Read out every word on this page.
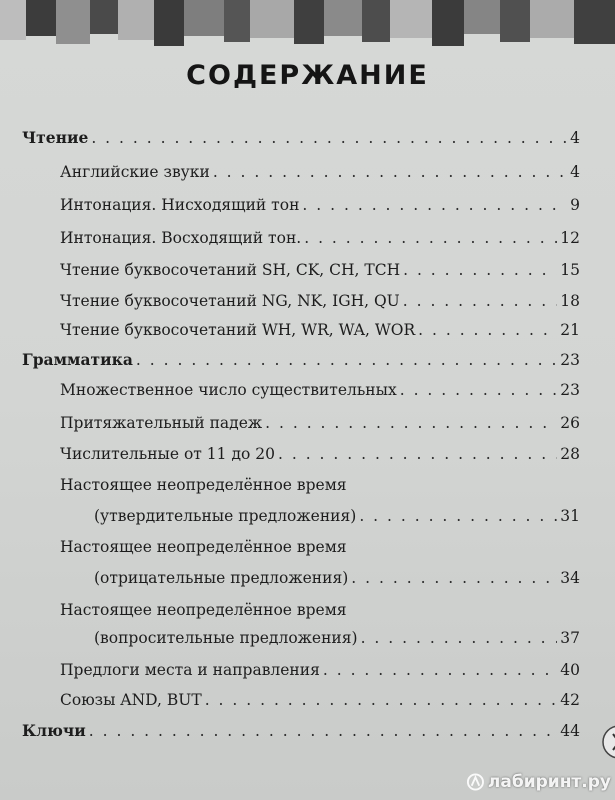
СОДЕРЖАНИЕ
Чтение . . .	4
Английские звуки . . .	4
Интонация. Нисходящий тон . . .	9
Интонация. Восходящий тон. . . .	12
Чтение буквосочетаний SH, CK, CH, TCH . . .	15
Чтение буквосочетаний NG, NK, IGH, QU . . .	18
Чтение буквосочетаний WH, WR, WA, WOR . . .	21
Грамматика . . .	23
Множественное число существительных . . .	23
Притяжательный падеж . . .	26
Числительные от 11 до 20 . . .	28
Настоящее неопределённое время
(утвердительные предложения) . . .	31
Настоящее неопределённое время
(отрицательные предложения) . . .	34
Настоящее неопределённое время
(вопросительные предложения) . . .	37
Предлоги места и направления . . .	40
Союзы AND, BUT . . .	42
Ключи . . .	44
лабиринт.ру
